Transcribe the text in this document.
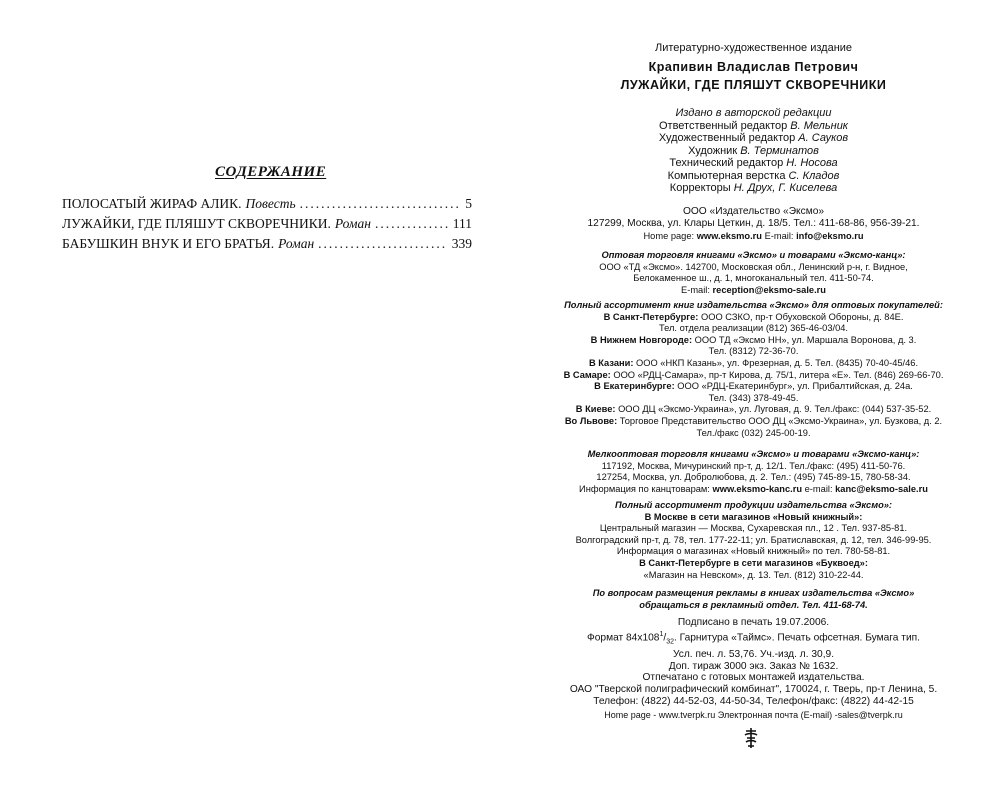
СОДЕРЖАНИЕ
ПОЛОСАТЫЙ ЖИРАФ АЛИК. Повесть .....	5
ЛУЖАЙКИ, ГДЕ ПЛЯШУТ СКВОРЕЧНИКИ. Роман .....	111
БАБУШКИН ВНУК И ЕГО БРАТЬЯ. Роман .....	339
Литературно-художественное издание
Крапивин Владислав Петрович
ЛУЖАЙКИ, ГДЕ ПЛЯШУТ СКВОРЕЧНИКИ
Издано в авторской редакции
Ответственный редактор В. Мельник
Художественный редактор А. Сауков
Художник В. Терминатов
Технический редактор Н. Носова
Компьютерная верстка С. Кладов
Корректоры Н. Друх, Г. Киселева
ООО «Издательство «Эксмо»
127299, Москва, ул. Клары Цеткин, д. 18/5. Тел.: 411-68-86, 956-39-21.
Home page: www.eksmo.ru E-mail: info@eksmo.ru
Оптовая торговля книгами «Эксмо» и товарами «Эксмо-канц»:
ООО «ТД «Эксмо». 142700, Московская обл., Ленинский р-н, г. Видное,
Белокаменное ш., д. 1, многоканальный тел. 411-50-74.
E-mail: reception@eksmo-sale.ru
Полный ассортимент книг издательства «Эксмо» для оптовых покупателей:
В Санкт-Петербурге: ООО СЗКО, пр-т Обуховской Обороны, д. 84Е.
Тел. отдела реализации (812) 365-46-03/04.
В Нижнем Новгороде: ООО ТД «Эксмо НН», ул. Маршала Воронова, д. 3.
Тел. (8312) 72-36-70.
В Казани: ООО «НКП Казань», ул. Фрезерная, д. 5. Тел. (8435) 70-40-45/46.
В Самаре: ООО «РДЦ-Самара», пр-т Кирова, д. 75/1, литера «Е». Тел. (846) 269-66-70.
В Екатеринбурге: ООО «РДЦ-Екатеринбург», ул. Прибалтийская, д. 24а.
Тел. (343) 378-49-45.
В Киеве: ООО ДЦ «Эксмо-Украина», ул. Луговая, д. 9. Тел./факс: (044) 537-35-52.
Во Львове: Торговое Представительство ООО ДЦ «Эксмо-Украина», ул. Бузкова, д. 2.
Тел./факс (032) 245-00-19.
Мелкооптовая торговля книгами «Эксмо» и товарами «Эксмо-канц»:
117192, Москва, Мичуринский пр-т, д. 12/1. Тел./факс: (495) 411-50-76.
127254, Москва, ул. Добролюбова, д. 2. Тел.: (495) 745-89-15, 780-58-34.
Информация по канцтоварам: www.eksmo-kanc.ru e-mail: kanc@eksmo-sale.ru
Полный ассортимент продукции издательства «Эксмо»:
В Москве в сети магазинов «Новый книжный»:
Центральный магазин — Москва, Сухаревская пл., 12 . Тел. 937-85-81.
Волгоградский пр-т, д. 78, тел. 177-22-11; ул. Братиславская, д. 12, тел. 346-99-95.
Информация о магазинах «Новый книжный» по тел. 780-58-81.
В Санкт-Петербурге в сети магазинов «Буквоед»:
«Магазин на Невском», д. 13. Тел. (812) 310-22-44.
По вопросам размещения рекламы в книгах издательства «Эксмо»
обращаться в рекламный отдел. Тел. 411-68-74.
Подписано в печать 19.07.2006.
Формат $84x108^1/_{32}$. Гарнитура «Таймс». Печать офсетная. Бумага тип.
Усл. печ. л. 53,76. Уч.-изд. л. 30,9.
Доп. тираж 3000 экз. Заказ № 1632.
Отпечатано с готовых монтажей издательства.
ОАО "Тверской полиграфический комбинат", 170024, г. Тверь, пр-т Ленина, 5.
Телефон: (4822) 44-52-03, 44-50-34, Телефон/факс: (4822) 44-42-15
Home page - www.tverpk.ru Электронная почта (E-mail) -sales@tverpk.ru
